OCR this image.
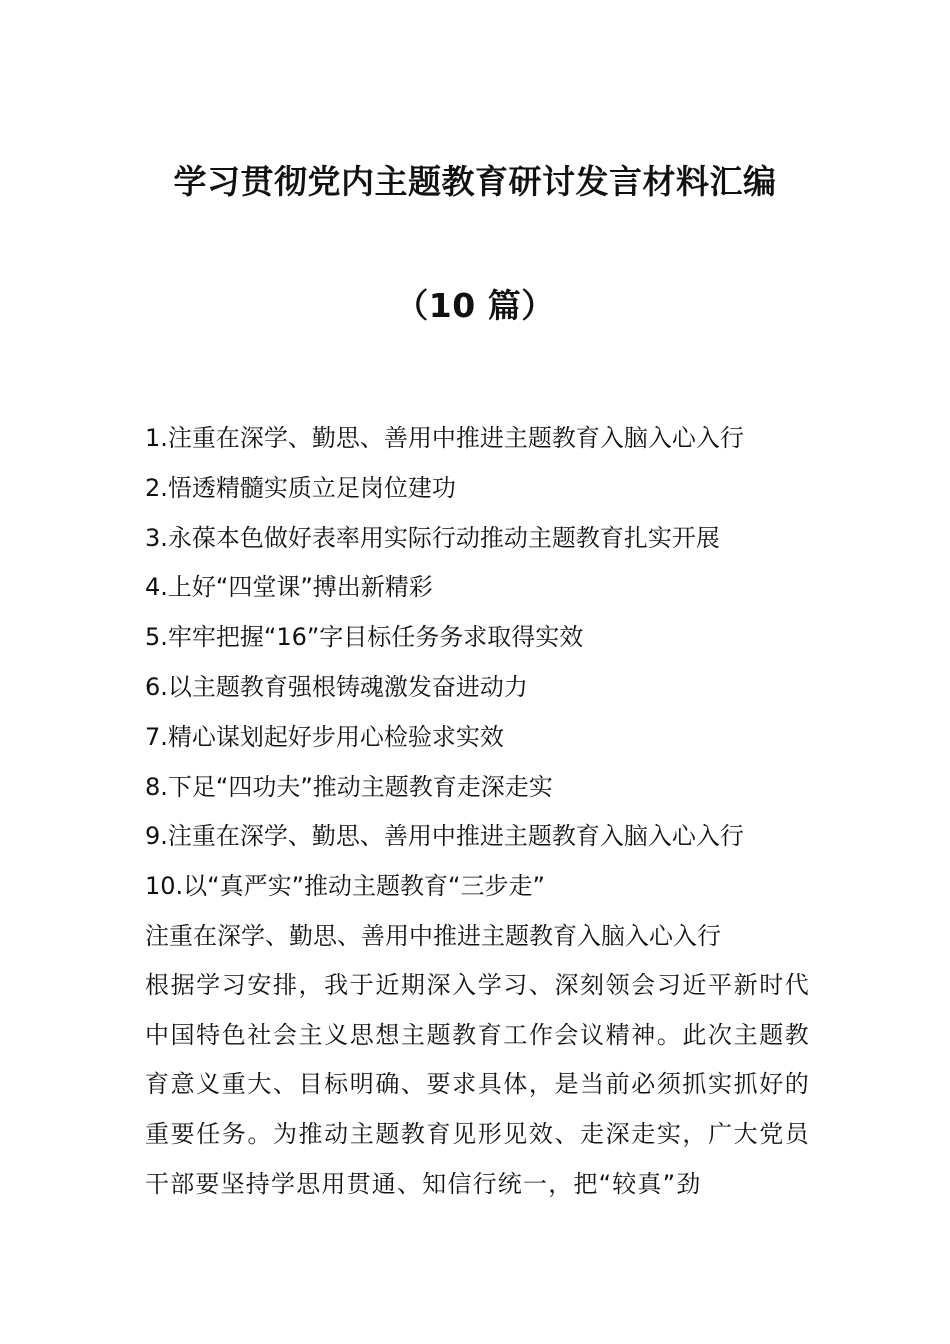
学习贯彻党内主题教育研讨发言材料汇编
（10 篇）
1.注重在深学、勤思、善用中推进主题教育入脑入心入行
2.悟透精髓实质立足岗位建功
3.永葆本色做好表率用实际行动推动主题教育扎实开展
4.上好“四堂课”搏出新精彩
5.牢牢把握“16”字目标任务务求取得实效
6.以主题教育强根铸魂激发奋进动力
7.精心谋划起好步用心检验求实效
8.下足“四功夫”推动主题教育走深走实
9.注重在深学、勤思、善用中推进主题教育入脑入心入行
10.以“真严实”推动主题教育“三步走”
注重在深学、勤思、善用中推进主题教育入脑入心入行

根据学习安排，我于近期深入学习、深刻领会习近平新时代中国特色社会主义思想主题教育工作会议精神。此次主题教育意义重大、目标明确、要求具体，是当前必须抓实抓好的重要任务。为推动主题教育见形见效、走深走实，广大党员干部要坚持学思用贯通、知信行统一，把“较真”劲
